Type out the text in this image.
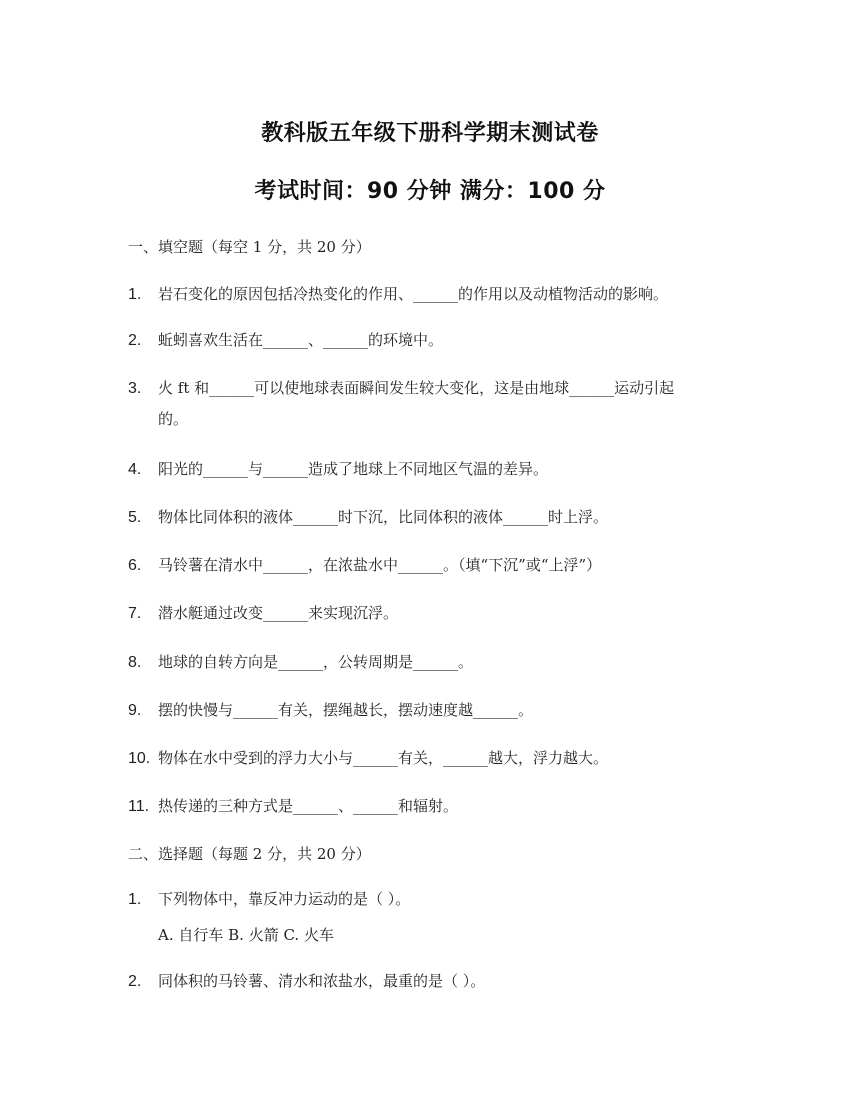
教科版五年级下册科学期末测试卷
考试时间：90 分钟 满分：100 分
一、填空题（每空 1 分，共 20 分）
1. 岩石变化的原因包括冷热变化的作用、______的作用以及动植物活动的影响。
2. 蚯蚓喜欢生活在______、______的环境中。
3. 火 ft 和______可以使地球表面瞬间发生较大变化，这是由地球______运动引起的。
4. 阳光的______与______造成了地球上不同地区气温的差异。
5. 物体比同体积的液体______时下沉，比同体积的液体______时上浮。
6. 马铃薯在清水中______，在浓盐水中______。（填“下沉”或“上浮”）
7. 潜水艇通过改变______来实现沉浮。
8. 地球的自转方向是______，公转周期是______。
9. 摆的快慢与______有关，摆绳越长，摆动速度越______。
10. 物体在水中受到的浮力大小与______有关，______越大，浮力越大。
11. 热传递的三种方式是______、______和辐射。
二、选择题（每题 2 分，共 20 分）
1. 下列物体中，靠反冲力运动的是（ ）。
A. 自行车 B. 火箭 C. 火车
2. 同体积的马铃薯、清水和浓盐水，最重的是（ ）。
